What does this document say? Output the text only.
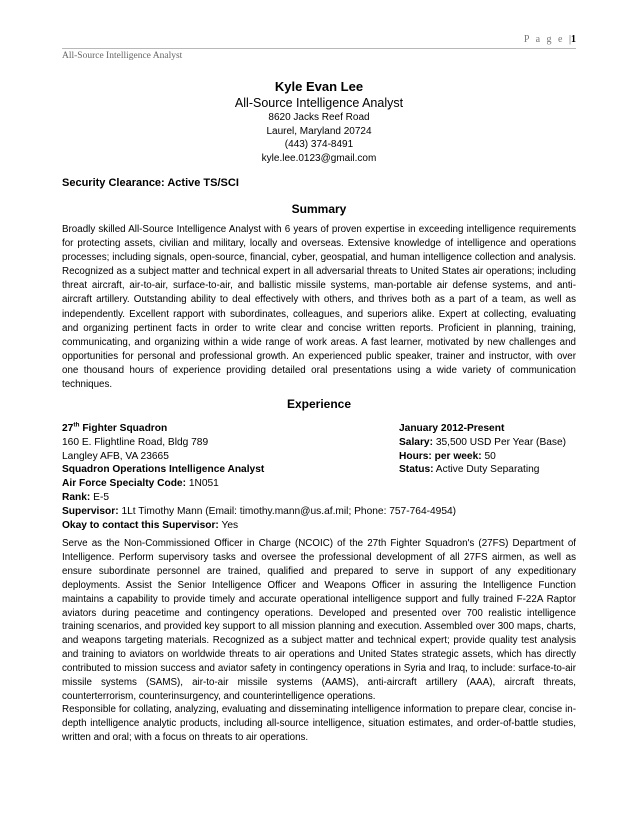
P a g e |1
All-Source Intelligence Analyst
Kyle Evan Lee
All-Source Intelligence Analyst
8620 Jacks Reef Road
Laurel, Maryland 20724
(443) 374-8491
kyle.lee.0123@gmail.com
Security Clearance: Active TS/SCI
Summary
Broadly skilled All-Source Intelligence Analyst with 6 years of proven expertise in exceeding intelligence requirements for protecting assets, civilian and military, locally and overseas. Extensive knowledge of intelligence and operations processes; including signals, open-source, financial, cyber, geospatial, and human intelligence collection and analysis. Recognized as a subject matter and technical expert in all adversarial threats to United States air operations; including threat aircraft, air-to-air, surface-to-air, and ballistic missile systems, man-portable air defense systems, and anti-aircraft artillery. Outstanding ability to deal effectively with others, and thrives both as a part of a team, as well as independently. Excellent rapport with subordinates, colleagues, and superiors alike. Expert at collecting, evaluating and organizing pertinent facts in order to write clear and concise written reports. Proficient in planning, training, communicating, and organizing within a wide range of work areas. A fast learner, motivated by new challenges and opportunities for personal and professional growth. An experienced public speaker, trainer and instructor, with over one thousand hours of experience providing detailed oral presentations using a wide variety of communication techniques.
Experience
27th Fighter Squadron	January 2012-Present
160 E. Flightline Road, Bldg 789	Salary: 35,500 USD Per Year (Base)
Langley AFB, VA 23665	Hours: per week: 50
Squadron Operations Intelligence Analyst	Status: Active Duty Separating
Air Force Specialty Code: 1N051
Rank: E-5
Supervisor: 1Lt Timothy Mann (Email: timothy.mann@us.af.mil; Phone: 757-764-4954)
Okay to contact this Supervisor: Yes
Serve as the Non-Commissioned Officer in Charge (NCOIC) of the 27th Fighter Squadron's (27FS) Department of Intelligence. Perform supervisory tasks and oversee the professional development of all 27FS airmen, as well as ensure subordinate personnel are trained, qualified and prepared to serve in support of any expeditionary deployments. Assist the Senior Intelligence Officer and Weapons Officer in assuring the Intelligence Function maintains a capability to provide timely and accurate operational intelligence support and fully trained F-22A Raptor aviators during peacetime and contingency operations. Developed and presented over 700 realistic intelligence training scenarios, and provided key support to all mission planning and execution. Assembled over 300 maps, charts, and weapons targeting materials. Recognized as a subject matter and technical expert; provide quality test analysis and training to aviators on worldwide threats to air operations and United States strategic assets, which has directly contributed to mission success and aviator safety in contingency operations in Syria and Iraq, to include: surface-to-air missile systems (SAMS), air-to-air missile systems (AAMS), anti-aircraft artillery (AAA), aircraft threats, counterterrorism, counterinsurgency, and counterintelligence operations.
Responsible for collating, analyzing, evaluating and disseminating intelligence information to prepare clear, concise in-depth intelligence analytic products, including all-source intelligence, situation estimates, and order-of-battle studies, written and oral; with a focus on threats to air operations.
